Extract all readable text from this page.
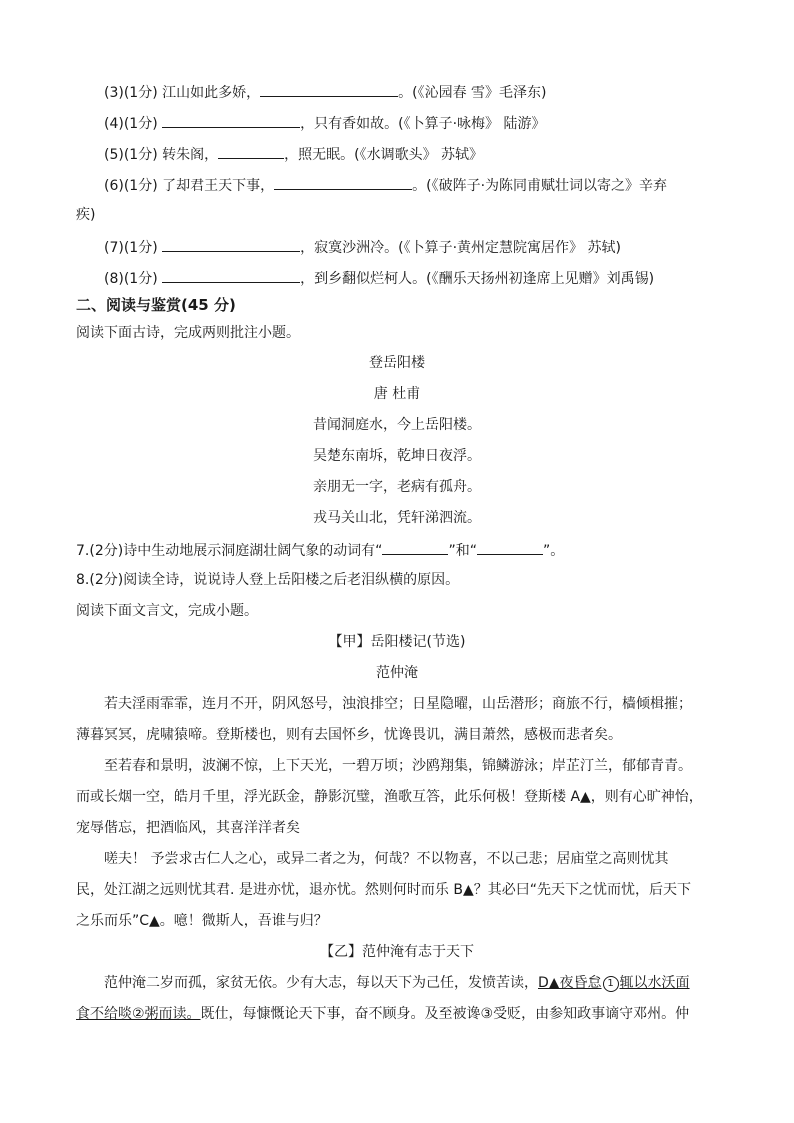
(3)(1分) 江山如此多娇，	。(《沁园春 雪》毛泽东)
(4)(1分)	，只有香如故。(《卜算子·咏梅》 陆游》
(5)(1分) 转朱阁，	，照无眠。(《水调歌头》 苏轼》
(6)(1分) 了却君王天下事，	。(《破阵子·为陈同甫赋壮词以寄之》辛弃
疾)
(7)(1分)	，寂寞沙洲冷。(《卜算子·黄州定慧院寓居作》 苏轼)
(8)(1分)	，到乡翻似烂柯人。(《酬乐天扬州初逢席上见赠》刘禹锡)
二、阅读与鉴赏(45 分)
阅读下面古诗，完成两则批注小题。
登岳阳楼
唐 杜甫
昔闻洞庭水，今上岳阳楼。
吴楚东南坼，乾坤日夜浮。
亲朋无一字，老病有孤舟。
戎马关山北，凭轩涕泗流。
7.(2分)诗中生动地展示洞庭湖壮阔气象的动词有“	”和“	”。
8.(2分)阅读全诗，说说诗人登上岳阳楼之后老泪纵横的原因。
阅读下面文言文，完成小题。
【甲】岳阳楼记(节选)
范仲淹
若夫淫雨霏霏，连月不开，阴风怒号，浊浪排空；日星隐曜，山岳潜形；商旅不行，樯倾楫摧；
薄暮冥冥，虎啸猿啼。登斯楼也，则有去国怀乡，忧谗畏讥，满目萧然，感极而悲者矣。
至若春和景明，波澜不惊，上下天光，一碧万顷；沙鸥翔集，锦鳞游泳；岸芷汀兰，郁郁青青。
而或长烟一空，皓月千里，浮光跃金，静影沉璧，渔歌互答，此乐何极！登斯楼 A▲，则有心旷神怡，
宠辱偕忘，把酒临风，其喜洋洋者矣
嗟夫！ 予尝求古仁人之心，或异二者之为，何哉？不以物喜，不以己悲；居庙堂之高则忧其
民，处江湖之远则忧其君. 是进亦忧，退亦忧。然则何时而乐 B▲？其必曰“先天下之忧而忧，后天下
之乐而乐”C▲。噫！微斯人，吾谁与归？
【乙】范仲淹有志于天下
范仲淹二岁而孤，家贫无依。少有大志，每以天下为己任，发愤苦读，D▲夜昏怠 1 辄以水沃面
食不给啖②粥而读。既仕，每慷慨论天下事，奋不顾身。及至被谗③受贬，由参知政事谪守邓州。仲
